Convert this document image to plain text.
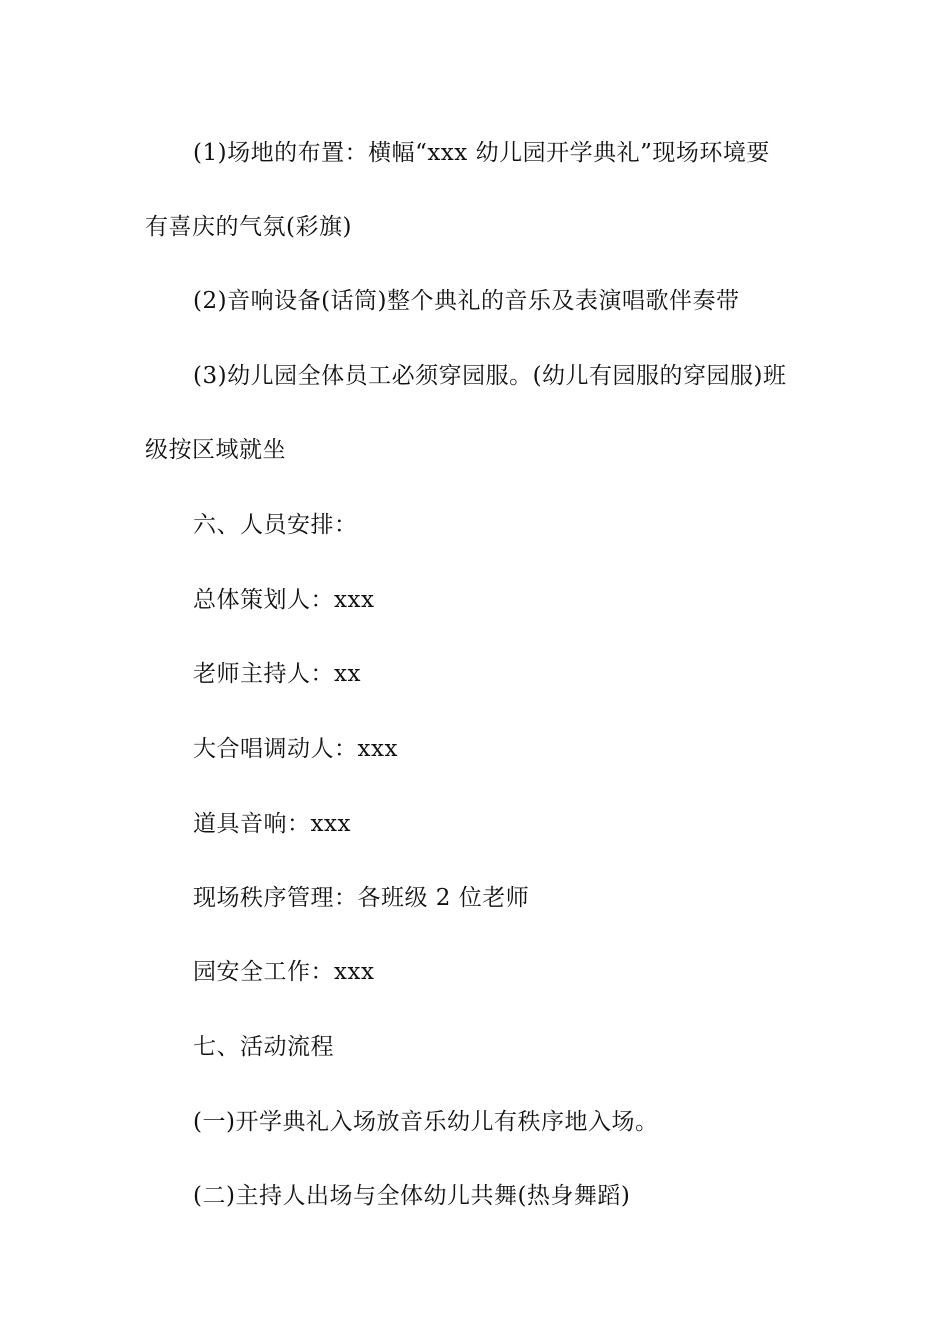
(1)场地的布置：横幅“xxx 幼儿园开学典礼”现场环境要
有喜庆的气氛(彩旗)
(2)音响设备(话筒)整个典礼的音乐及表演唱歌伴奏带
(3)幼儿园全体员工必须穿园服。(幼儿有园服的穿园服)班
级按区域就坐
六、人员安排：
总体策划人：xxx
老师主持人：xx
大合唱调动人：xxx
道具音响：xxx
现场秩序管理：各班级 2 位老师
园安全工作：xxx
七、活动流程
(一)开学典礼入场放音乐幼儿有秩序地入场。
(二)主持人出场与全体幼儿共舞(热身舞蹈)
